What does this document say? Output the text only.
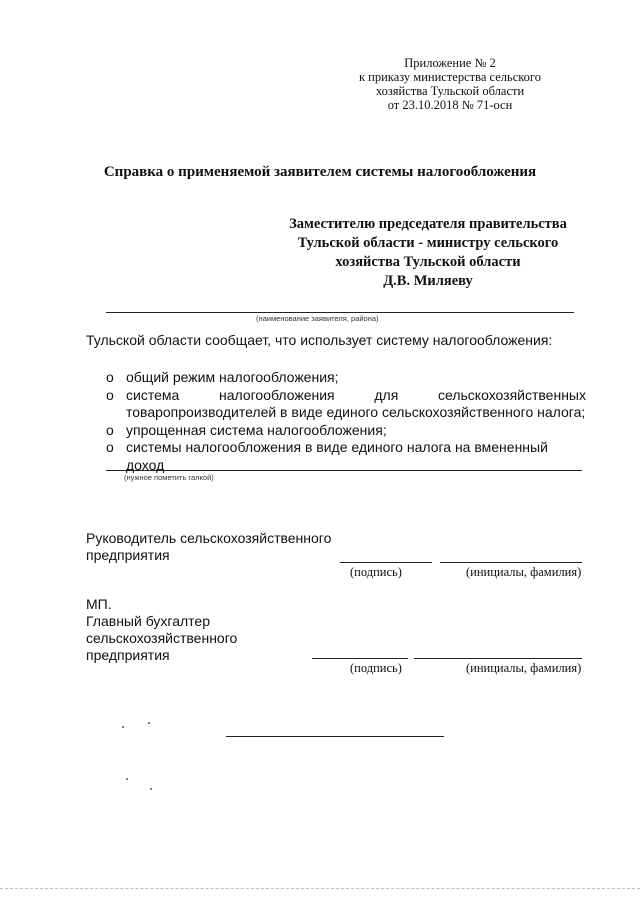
Приложение № 2
к приказу министерства сельского
хозяйства Тульской области
от 23.10.2018 № 71-осн
Справка о применяемой заявителем системы налогообложения
Заместителю председателя правительства
Тульской области - министру сельского
хозяйства Тульской области
Д.В. Миляеву
(наименование заявителя, района)
Тульской области сообщает, что использует систему налогообложения:
o общий режим налогообложения;
o система налогообложения для сельскохозяйственных
товаропроизводителей в виде единого сельскохозяйственного налога;
o упрощенная система налогообложения;
o системы налогообложения в виде единого налога на вмененный доход
(нужное пометить галкой)
Руководитель сельскохозяйственного
предприятия
(подпись)	(инициалы, фамилия)
МП.
Главный бухгалтер
сельскохозяйственного
предприятия
(подпись)	(инициалы, фамилия)
